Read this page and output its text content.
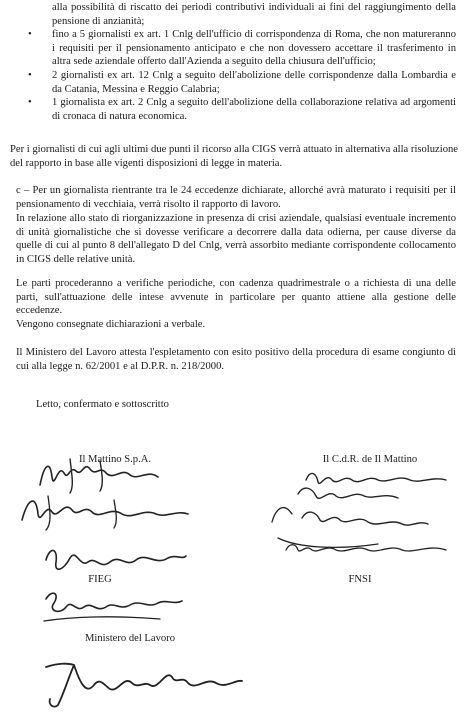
alla possibilità di riscatto dei periodi contributivi individuali ai fini del raggiungimento della pensione di anzianità;
• fino a 5 giornalisti ex art. 1 Cnlg dell'ufficio di corrispondenza di Roma, che non matureranno i requisiti per il pensionamento anticipato e che non dovessero accettare il trasferimento in altra sede aziendale offerto dall'Azienda a seguito della chiusura dell'ufficio;
• 2 giornalisti ex art. 12 Cnlg a seguito dell'abolizione delle corrispondenze dalla Lombardia e da Catania, Messina e Reggio Calabria;
• 1 giornalista ex art. 2 Cnlg a seguito dell'abolizione della collaborazione relativa ad argomenti di cronaca di natura economica.

Per i giornalisti di cui agli ultimi due punti il ricorso alla CIGS verrà attuato in alternativa alla risoluzione del rapporto in base alle vigenti disposizioni di legge in materia.

c – Per un giornalista rientrante tra le 24 eccedenze dichiarate, allorché avrà maturato i requisiti per il pensionamento di vecchiaia, verrà risolto il rapporto di lavoro.

In relazione allo stato di riorganizzazione in presenza di crisi aziendale, qualsiasi eventuale incremento di unità giornalistiche che si dovesse verificare a decorrere dalla data odierna, per cause diverse da quelle di cui al punto 8 dell'allegato D del Cnlg, verrà assorbito mediante corrispondente collocamento in CIGS delle relative unità.

Le parti procederanno a verifiche periodiche, con cadenza quadrimestrale o a richiesta di una delle parti, sull'attuazione delle intese avvenute in particolare per quanto attiene alla gestione delle eccedenze.

Vengono consegnate dichiarazioni a verbale.

Il Ministero del Lavoro attesta l'espletamento con esito positivo della procedura di esame congiunto di cui alla legge n. 62/2001 e al D.P.R. n. 218/2000.

Letto, confermato e sottoscritto

Il Mattino S.p.A.	Il C.d.R. de Il Mattino

FIEG	FNSI

Ministero del Lavoro
